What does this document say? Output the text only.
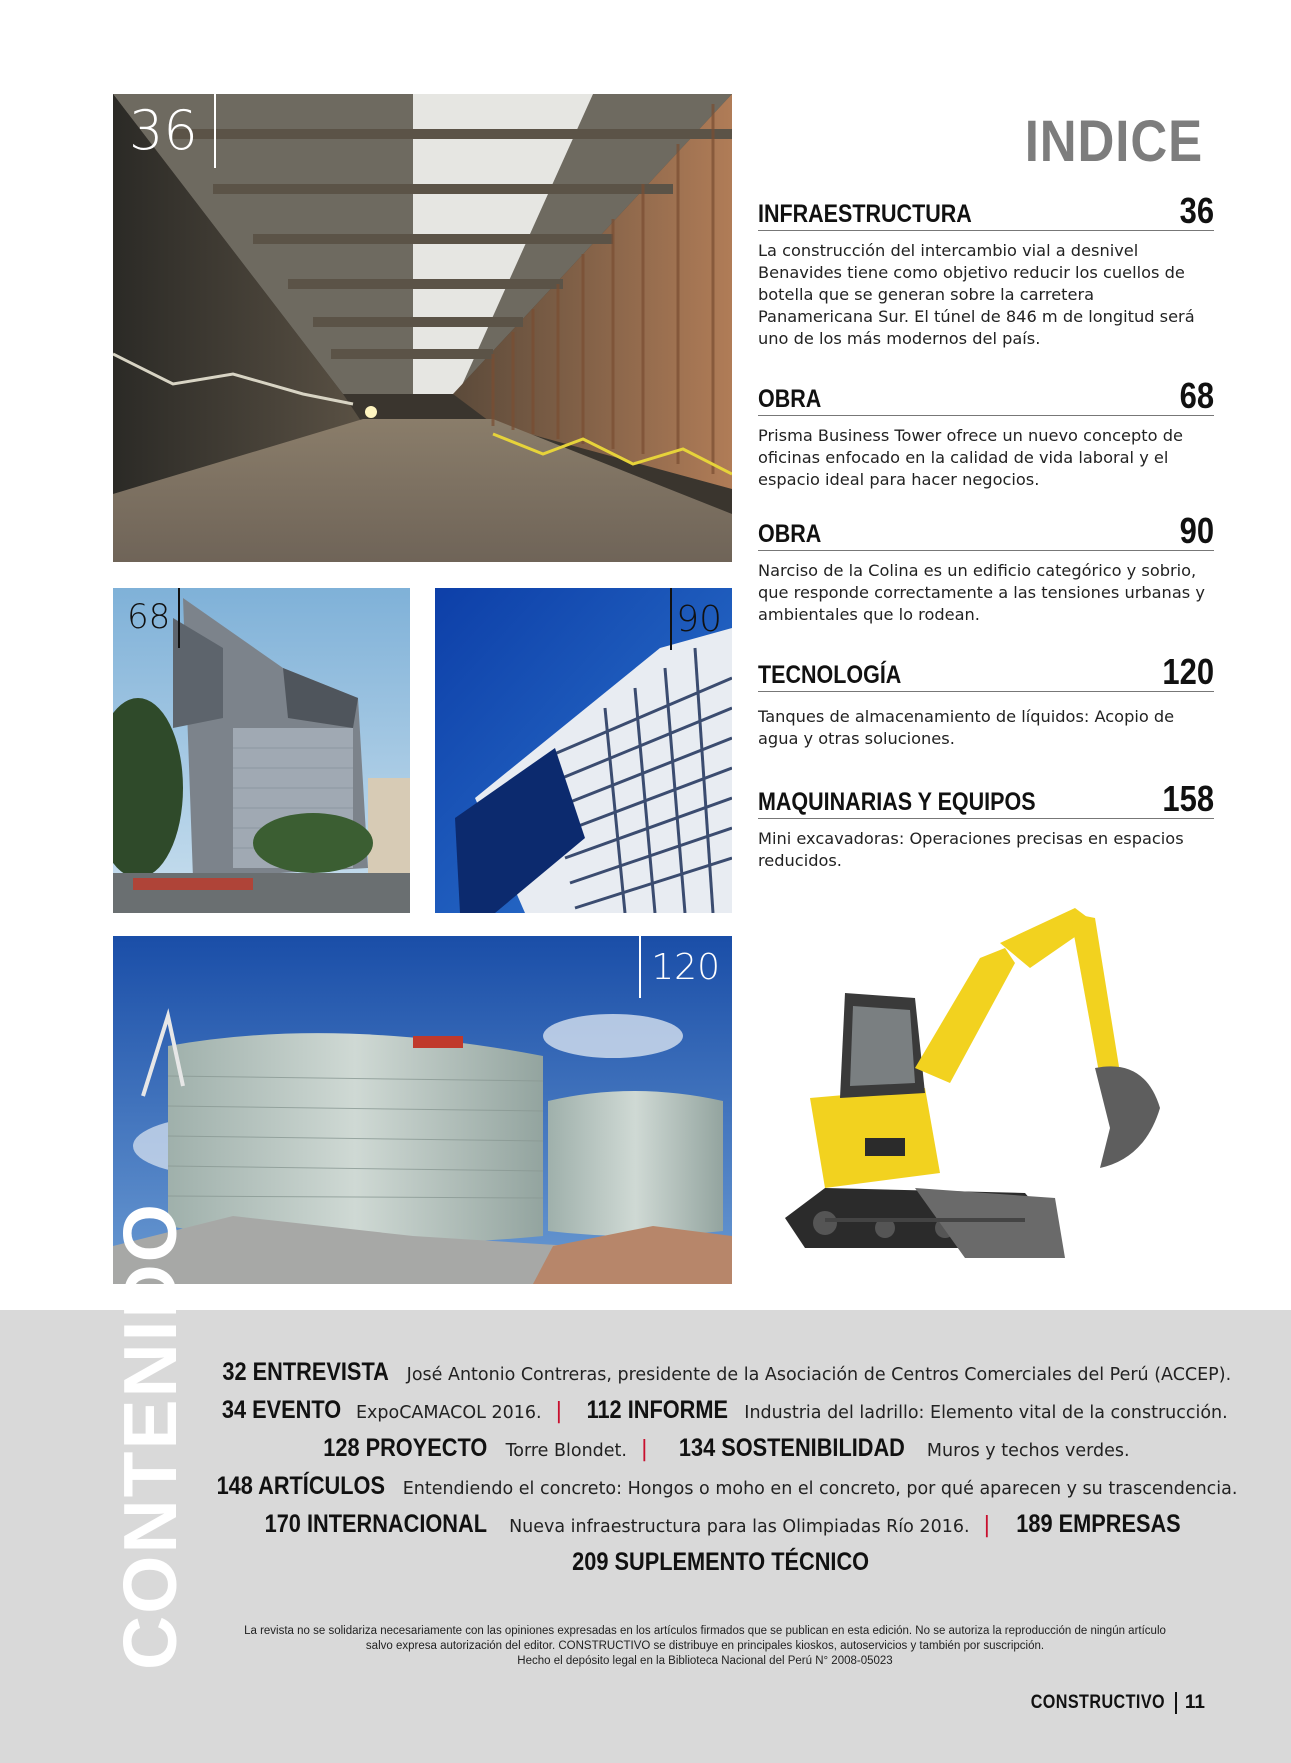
36
68	90
120
INDICE
INFRAESTRUCTURA	36
La construcción del intercambio vial a desnivel Benavides tiene como objetivo reducir los cuellos de botella que se generan sobre la carretera Panamericana Sur. El túnel de 846 m de longitud será uno de los más modernos del país.
OBRA	68
Prisma Business Tower ofrece un nuevo concepto de oficinas enfocado en la calidad de vida laboral y el espacio ideal para hacer negocios.
OBRA	90
Narciso de la Colina es un edificio categórico y sobrio, que responde correctamente a las tensiones urbanas y ambientales que lo rodean.
TECNOLOGÍA	120
Tanques de almacenamiento de líquidos: Acopio de agua y otras soluciones.
MAQUINARIAS Y EQUIPOS	158
Mini excavadoras: Operaciones precisas en espacios reducidos.
CONTENIDO	32 ENTREVISTA José Antonio Contreras, presidente de la Asociación de Centros Comerciales del Perú (ACCEP).
34 EVENTO ExpoCAMACOL 2016. | 112 INFORME Industria del ladrillo: Elemento vital de la construcción.
128 PROYECTO Torre Blondet. | 134 SOSTENIBILIDAD Muros y techos verdes.
148 ARTÍCULOS Entendiendo el concreto: Hongos o moho en el concreto, por qué aparecen y su trascendencia.
170 INTERNACIONAL Nueva infraestructura para las Olimpiadas Río 2016. | 189 EMPRESAS
209 SUPLEMENTO TÉCNICO
La revista no se solidariza necesariamente con las opiniones expresadas en los artículos firmados que se publican en esta edición. No se autoriza la reproducción de ningún artículo
salvo expresa autorización del editor. CONSTRUCTIVO se distribuye en principales kioskos, autoservicios y también por suscripción.
Hecho el depósito legal en la Biblioteca Nacional del Perú N° 2008-05023
CONSTRUCTIVO 11
